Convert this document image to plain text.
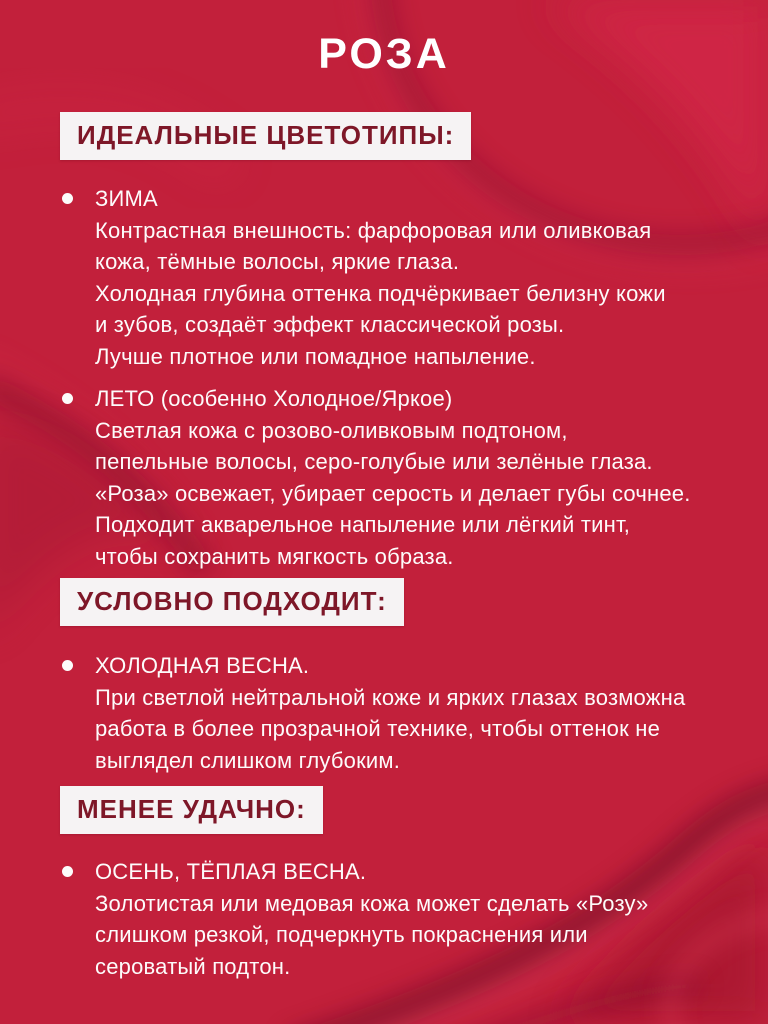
РОЗА
ИДЕАЛЬНЫЕ ЦВЕТОТИПЫ:
ЗИМА
Контрастная внешность: фарфоровая или оливковая
кожа, тёмные волосы, яркие глаза.
Холодная глубина оттенка подчёркивает белизну кожи
и зубов, создаёт эффект классической розы.
Лучше плотное или помадное напыление.
ЛЕТО (особенно Холодное/Яркое)
Светлая кожа с розово-оливковым подтоном,
пепельные волосы, серо-голубые или зелёные глаза.
«Роза» освежает, убирает серость и делает губы сочнее.
Подходит акварельное напыление или лёгкий тинт,
чтобы сохранить мягкость образа.
УСЛОВНО ПОДХОДИТ:
ХОЛОДНАЯ ВЕСНА.
При светлой нейтральной коже и ярких глазах возможна
работа в более прозрачной технике, чтобы оттенок не
выглядел слишком глубоким.
МЕНЕЕ УДАЧНО:
ОСЕНЬ, ТЁПЛАЯ ВЕСНА.
Золотистая или медовая кожа может сделать «Розу»
слишком резкой, подчеркнуть покраснения или
сероватый подтон.
